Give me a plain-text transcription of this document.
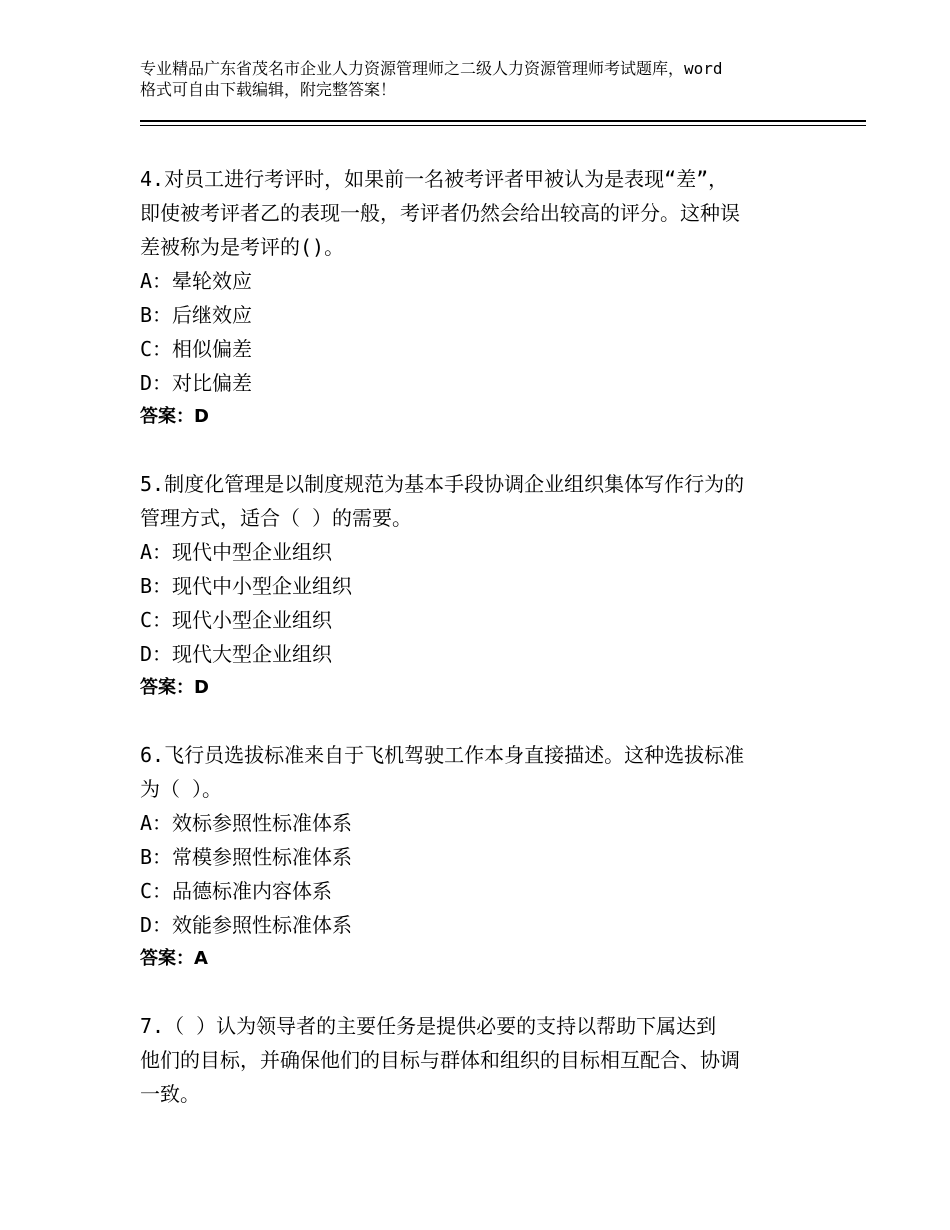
专业精品广东省茂名市企业人力资源管理师之二级人力资源管理师考试题库，word
格式可自由下载编辑，附完整答案！
4.对员工进行考评时，如果前一名被考评者甲被认为是表现“差”，
即使被考评者乙的表现一般，考评者仍然会给出较高的评分。这种误
差被称为是考评的()。
A：晕轮效应
B：后继效应
C：相似偏差
D：对比偏差
答案：D
5.制度化管理是以制度规范为基本手段协调企业组织集体写作行为的
管理方式，适合（ ）的需要。
A：现代中型企业组织
B：现代中小型企业组织
C：现代小型企业组织
D：现代大型企业组织
答案：D
6.飞行员选拔标准来自于飞机驾驶工作本身直接描述。这种选拔标准
为（ ）。
A：效标参照性标准体系
B：常模参照性标准体系
C：品德标准内容体系
D：效能参照性标准体系
答案：A
7.（ ）认为领导者的主要任务是提供必要的支持以帮助下属达到
他们的目标，并确保他们的目标与群体和组织的目标相互配合、协调
一致。
